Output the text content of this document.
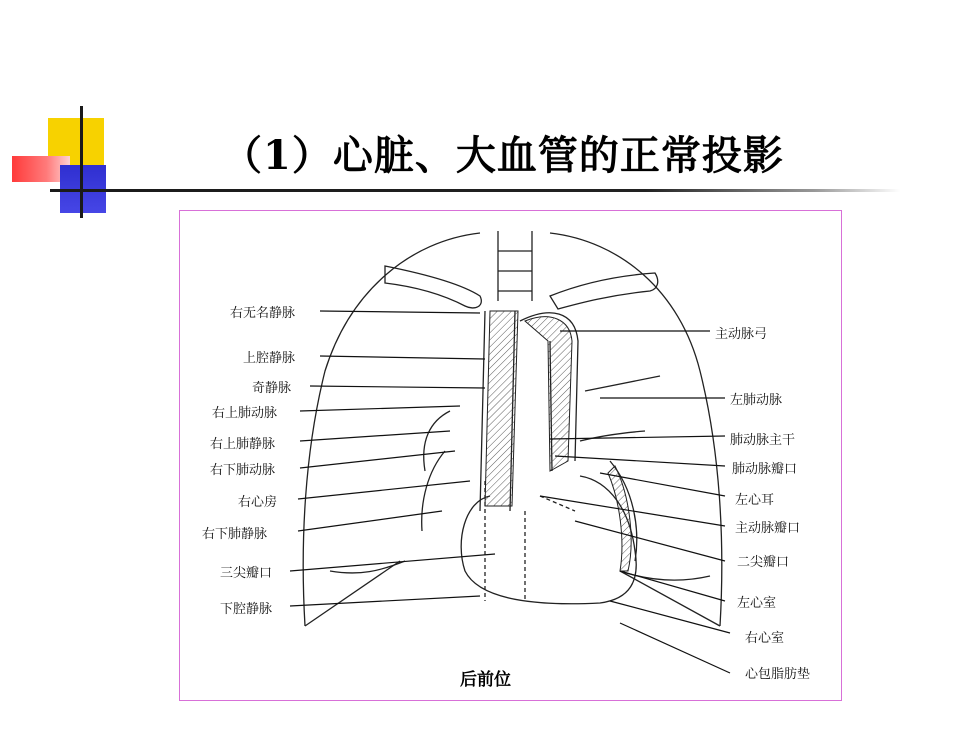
（1）心脏、大血管的正常投影
右无名静脉
上腔静脉
奇静脉
右上肺动脉
右上肺静脉
右下肺动脉
右心房
右下肺静脉
三尖瓣口
下腔静脉
主动脉弓
左肺动脉
肺动脉主干
肺动脉瓣口
左心耳
主动脉瓣口
二尖瓣口
左心室
右心室
心包脂肪垫
后前位
